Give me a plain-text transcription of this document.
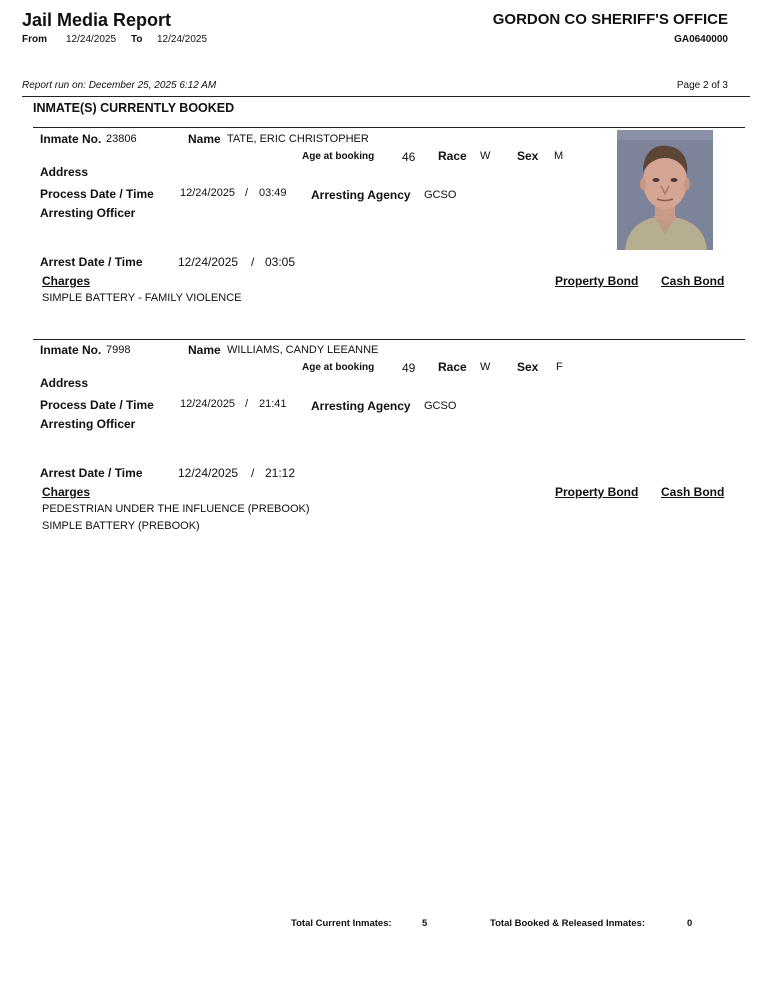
Jail Media Report
From 12/24/2025 To 12/24/2025
GORDON CO SHERIFF'S OFFICE
GA0640000
Report run on: December 25, 2025 6:12 AM	Page 2 of 3
INMATE(S) CURRENTLY BOOKED
Inmate No. 23806	Name TATE, ERIC CHRISTOPHER
Age at booking 46 Race W Sex M
Address
Process Date / Time 12/24/2025 / 03:49 Arresting Agency GCSO
Arresting Officer
Arrest Date / Time	12/24/2025 / 03:05
Charges	Property Bond Cash Bond
SIMPLE BATTERY - FAMILY VIOLENCE
Inmate No. 7998	Name WILLIAMS, CANDY LEEANNE
Age at booking 49 Race W Sex F
Address
Process Date / Time 12/24/2025 / 21:41 Arresting Agency GCSO
Arresting Officer
Arrest Date / Time	12/24/2025 / 21:12
Charges	Property Bond Cash Bond
PEDESTRIAN UNDER THE INFLUENCE (PREBOOK)
SIMPLE BATTERY (PREBOOK)
Total Current Inmates:	5	Total Booked & Released Inmates:	0
